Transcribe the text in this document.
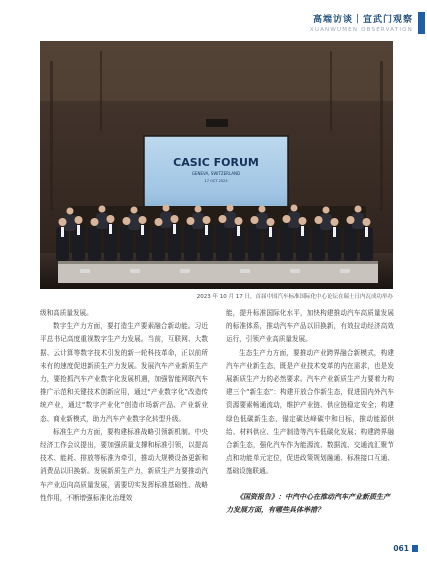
高端访谈｜宣武门观察
XUANWUMEN OBSERVATION
CASIC FORUM
GENEVA, SWITZERLAND
17 OCT 2023
2023 年 10 月 17 日，首届中国汽车标准国际化中心论坛在瑞士日内瓦成功举办

级和高质量发展。

数字生产力方面，要打造生产要素融合新动能。习近平总书记高度重视数字生产力发展。当前，互联网、大数据、云计算等数字技术引发的新一轮科技革命，正以前所未有的速度促进新质生产力发展。发展汽车产业新质生产力，要抢抓汽车产业数字化发展机遇，加强智能网联汽车推广示范和关键技术创新应用，通过“产业数字化”改造传统产业，通过“数字产业化”创造市场新产品、产业新业态、商业新模式，助力汽车产业数字化转型升级。

标准生产力方面，要构建标准战略引领新机制。中央经济工作会议提出，要加强质量支撑和标准引领，以提高技术、能耗、排放等标准为牵引，推动大规模设备更新和消费品以旧换新。发展新质生产力，新质生产力要推动汽车产业迈向高质量发展，需要切实发挥标准基础性、战略性作用，不断增强标准化治理效

能，提升标准国际化水平，加快构建推动汽车高质量发展的标准体系，推动汽车产品以旧换新，有效拉动经济高效运行，引领产业高质量发展。

生态生产力方面，要推动产业跨界融合新模式，构建汽车产业新生态，既是产业技术变革的内在需求，也是发展新质生产力的必然要求。汽车产业新质生产力要着力构建三个“新生态”：构建开放合作新生态，促进国内外汽车资源要素畅通流动，维护产业链、供应链稳定安全；构建绿色低碳新生态，锚定碳达峰碳中和目标，推动能源供给、材料供应、生产制造等汽车低碳化发展；构建跨界融合新生态，强化汽车作为能源流、数据流、交通流汇聚节点和功能单元定位，促进政策规划融通、标准接口互通、基础设施联通。

《国资报告》：中汽中心在推动汽车产业新质生产力发展方面，有哪些具体举措？
061
